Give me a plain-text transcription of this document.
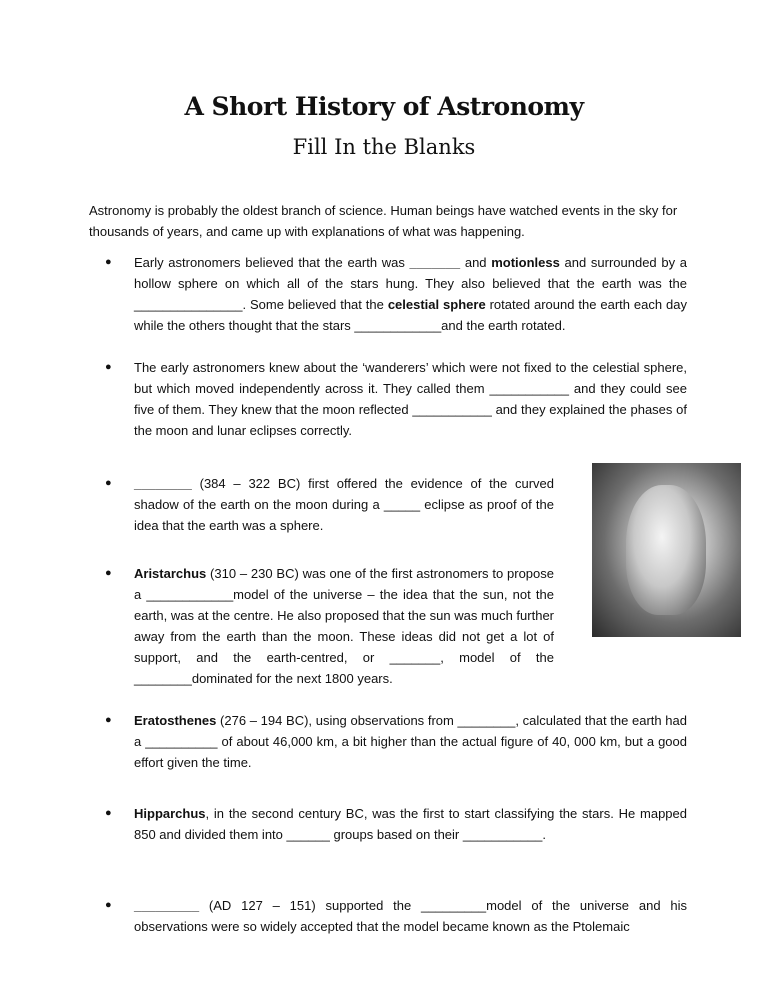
A Short History of Astronomy
Fill In the Blanks
Astronomy is probably the oldest branch of science. Human beings have watched events in the sky for thousands of years, and came up with explanations of what was happening.
● Early astronomers believed that the earth was _______ and motionless and surrounded by a hollow sphere on which all of the stars hung. They also believed that the earth was the _______________. Some believed that the celestial sphere rotated around the earth each day while the others thought that the stars ____________and the earth rotated.
● The early astronomers knew about the ‘wanderers’ which were not fixed to the celestial sphere, but which moved independently across it. They called them ___________ and they could see five of them. They knew that the moon reflected ___________ and they explained the phases of the moon and lunar eclipses correctly.
● ________ (384 – 322 BC) first offered the evidence of the curved shadow of the earth on the moon during a _____ eclipse as proof of the idea that the earth was a sphere.
● Aristarchus (310 – 230 BC) was one of the first astronomers to propose a ____________model of the universe – the idea that the sun, not the earth, was at the centre. He also proposed that the sun was much further away from the earth than the moon. These ideas did not get a lot of support, and the earth-centred, or _______, model of the ________dominated for the next 1800 years.
● Eratosthenes (276 – 194 BC), using observations from ________, calculated that the earth had a __________ of about 46,000 km, a bit higher than the actual figure of 40, 000 km, but a good effort given the time.
● Hipparchus, in the second century BC, was the first to start classifying the stars. He mapped 850 and divided them into ______ groups based on their ___________.
● _________ (AD 127 – 151) supported the _________model of the universe and his observations were so widely accepted that the model became known as the Ptolemaic
